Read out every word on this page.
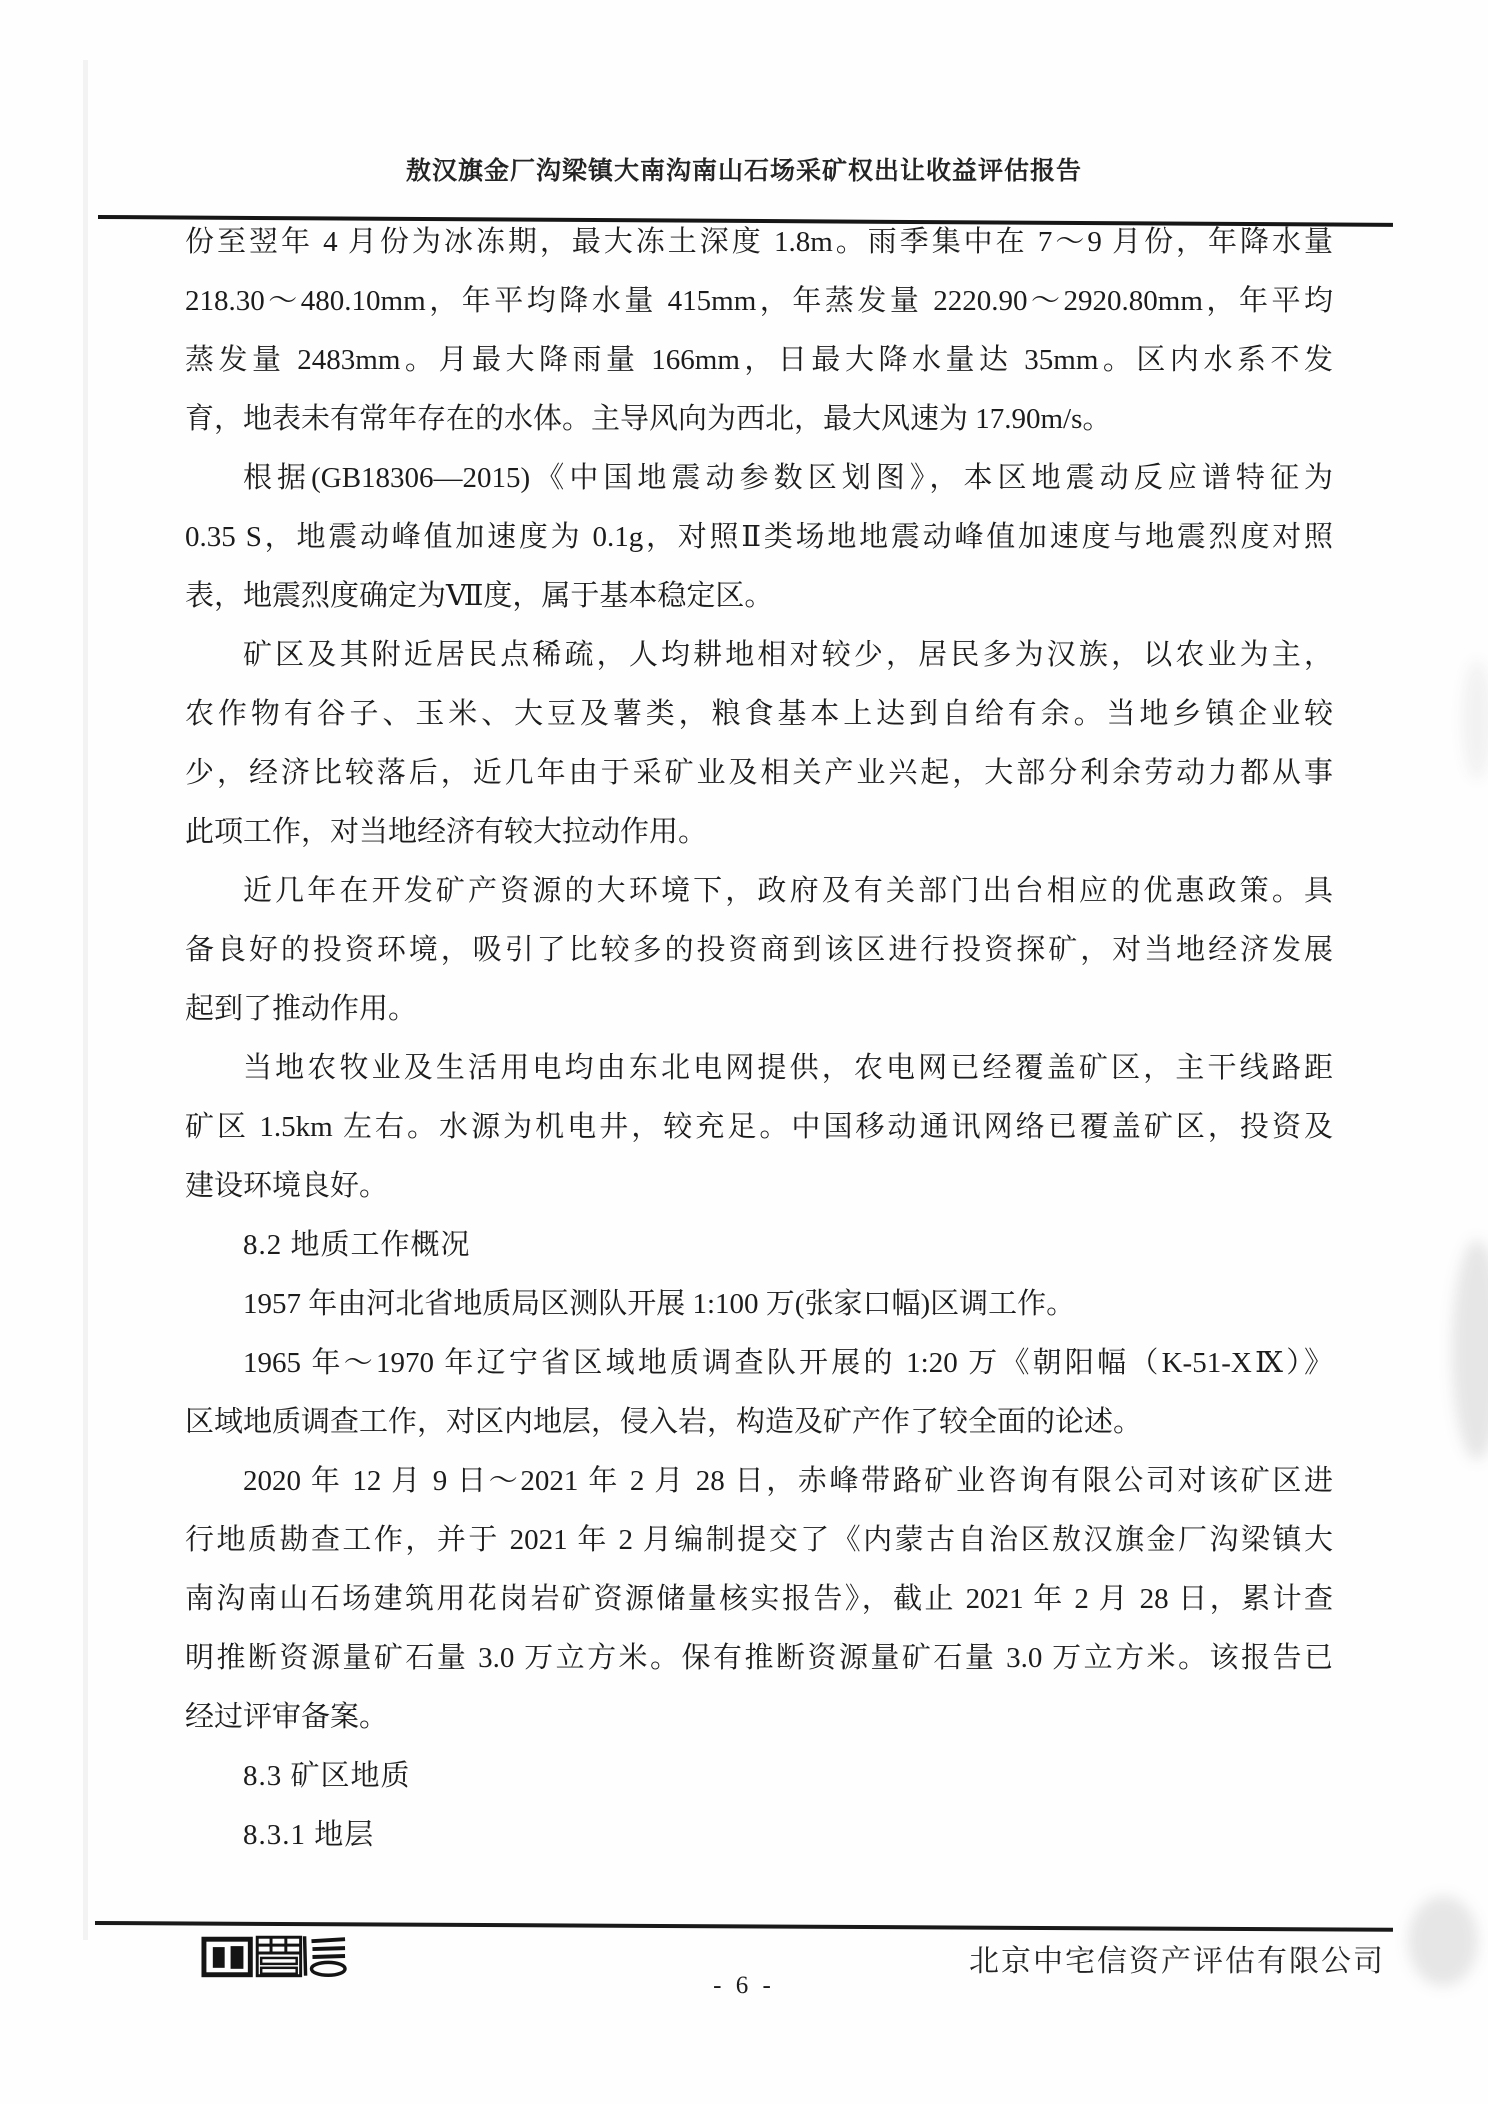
敖汉旗金厂沟梁镇大南沟南山石场采矿权出让收益评估报告
份至翌年 4 月份为冰冻期，最大冻土深度 1.8m。雨季集中在 7～9 月份，年降水量
218.30～480.10mm，年平均降水量 415mm，年蒸发量 2220.90～2920.80mm，年平均
蒸发量 2483mm。月最大降雨量 166mm，日最大降水量达 35mm。区内水系不发
育，地表未有常年存在的水体。主导风向为西北，最大风速为 17.90m/s。
根据(GB18306—2015)《中国地震动参数区划图》，本区地震动反应谱特征为
0.35 S，地震动峰值加速度为 0.1g，对照Ⅱ类场地地震动峰值加速度与地震烈度对照
表，地震烈度确定为Ⅶ度，属于基本稳定区。
矿区及其附近居民点稀疏，人均耕地相对较少，居民多为汉族，以农业为主，
农作物有谷子、玉米、大豆及薯类，粮食基本上达到自给有余。当地乡镇企业较
少，经济比较落后，近几年由于采矿业及相关产业兴起，大部分利余劳动力都从事
此项工作，对当地经济有较大拉动作用。
近几年在开发矿产资源的大环境下，政府及有关部门出台相应的优惠政策。具
备良好的投资环境，吸引了比较多的投资商到该区进行投资探矿，对当地经济发展
起到了推动作用。
当地农牧业及生活用电均由东北电网提供，农电网已经覆盖矿区，主干线路距
矿区 1.5km 左右。水源为机电井，较充足。中国移动通讯网络已覆盖矿区，投资及
建设环境良好。
8.2 地质工作概况
1957 年由河北省地质局区测队开展 1:100 万(张家口幅)区调工作。
1965 年～1970 年辽宁省区域地质调查队开展的 1:20 万《朝阳幅（K-51-XⅨ）》
区域地质调查工作，对区内地层，侵入岩，构造及矿产作了较全面的论述。
2020 年 12 月 9 日～2021 年 2 月 28 日，赤峰带路矿业咨询有限公司对该矿区进
行地质勘查工作，并于 2021 年 2 月编制提交了《内蒙古自治区敖汉旗金厂沟梁镇大
南沟南山石场建筑用花岗岩矿资源储量核实报告》，截止 2021 年 2 月 28 日，累计查
明推断资源量矿石量 3.0 万立方米。保有推断资源量矿石量 3.0 万立方米。该报告已
经过评审备案。
8.3 矿区地质
8.3.1 地层
北京中宅信资产评估有限公司
- 6 -
